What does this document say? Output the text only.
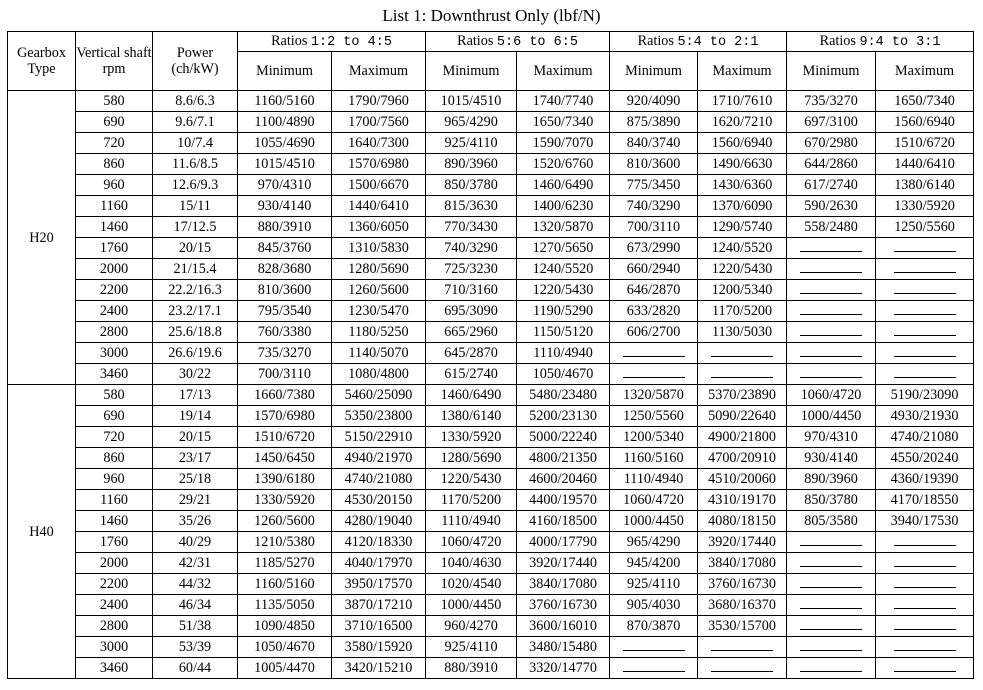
List 1: Downthrust Only (lbf/N)
Gearbox Type	Vertical shaft rpm	Power (ch/kW)	Ratios 1:2 to 4:5		Ratios 5:6 to 6:5		Ratios 5:4 to 2:1		Ratios 9:4 to 3:1	
			Minimum	Maximum	Minimum	Maximum	Minimum	Maximum	Minimum	Maximum
H20	580	8.6/6.3	1160/5160	1790/7960	1015/4510	1740/7740	920/4090	1710/7610	735/3270	1650/7340
	690	9.6/7.1	1100/4890	1700/7560	965/4290	1650/7340	875/3890	1620/7210	697/3100	1560/6940
	720	10/7.4	1055/4690	1640/7300	925/4110	1590/7070	840/3740	1560/6940	670/2980	1510/6720
	860	11.6/8.5	1015/4510	1570/6980	890/3960	1520/6760	810/3600	1490/6630	644/2860	1440/6410
	960	12.6/9.3	970/4310	1500/6670	850/3780	1460/6490	775/3450	1430/6360	617/2740	1380/6140
	1160	15/11	930/4140	1440/6410	815/3630	1400/6230	740/3290	1370/6090	590/2630	1330/5920
	1460	17/12.5	880/3910	1360/6050	770/3430	1320/5870	700/3110	1290/5740	558/2480	1250/5560
	1760	20/15	845/3760	1310/5830	740/3290	1270/5650	673/2990	1240/5520		
	2000	21/15.4	828/3680	1280/5690	725/3230	1240/5520	660/2940	1220/5430		
	2200	22.2/16.3	810/3600	1260/5600	710/3160	1220/5430	646/2870	1200/5340		
	2400	23.2/17.1	795/3540	1230/5470	695/3090	1190/5290	633/2820	1170/5200		
	2800	25.6/18.8	760/3380	1180/5250	665/2960	1150/5120	606/2700	1130/5030		
	3000	26.6/19.6	735/3270	1140/5070	645/2870	1110/4940				
	3460	30/22	700/3110	1080/4800	615/2740	1050/4670				
H40	580	17/13	1660/7380	5460/25090	1460/6490	5480/23480	1320/5870	5370/23890	1060/4720	5190/23090
	690	19/14	1570/6980	5350/23800	1380/6140	5200/23130	1250/5560	5090/22640	1000/4450	4930/21930
	720	20/15	1510/6720	5150/22910	1330/5920	5000/22240	1200/5340	4900/21800	970/4310	4740/21080
	860	23/17	1450/6450	4940/21970	1280/5690	4800/21350	1160/5160	4700/20910	930/4140	4550/20240
	960	25/18	1390/6180	4740/21080	1220/5430	4600/20460	1110/4940	4510/20060	890/3960	4360/19390
	1160	29/21	1330/5920	4530/20150	1170/5200	4400/19570	1060/4720	4310/19170	850/3780	4170/18550
	1460	35/26	1260/5600	4280/19040	1110/4940	4160/18500	1000/4450	4080/18150	805/3580	3940/17530
	1760	40/29	1210/5380	4120/18330	1060/4720	4000/17790	965/4290	3920/17440		
	2000	42/31	1185/5270	4040/17970	1040/4630	3920/17440	945/4200	3840/17080		
	2200	44/32	1160/5160	3950/17570	1020/4540	3840/17080	925/4110	3760/16730		
	2400	46/34	1135/5050	3870/17210	1000/4450	3760/16730	905/4030	3680/16370		
	2800	51/38	1090/4850	3710/16500	960/4270	3600/16010	870/3870	3530/15700		
	3000	53/39	1050/4670	3580/15920	925/4110	3480/15480				
	3460	60/44	1005/4470	3420/15210	880/3910	3320/14770				
